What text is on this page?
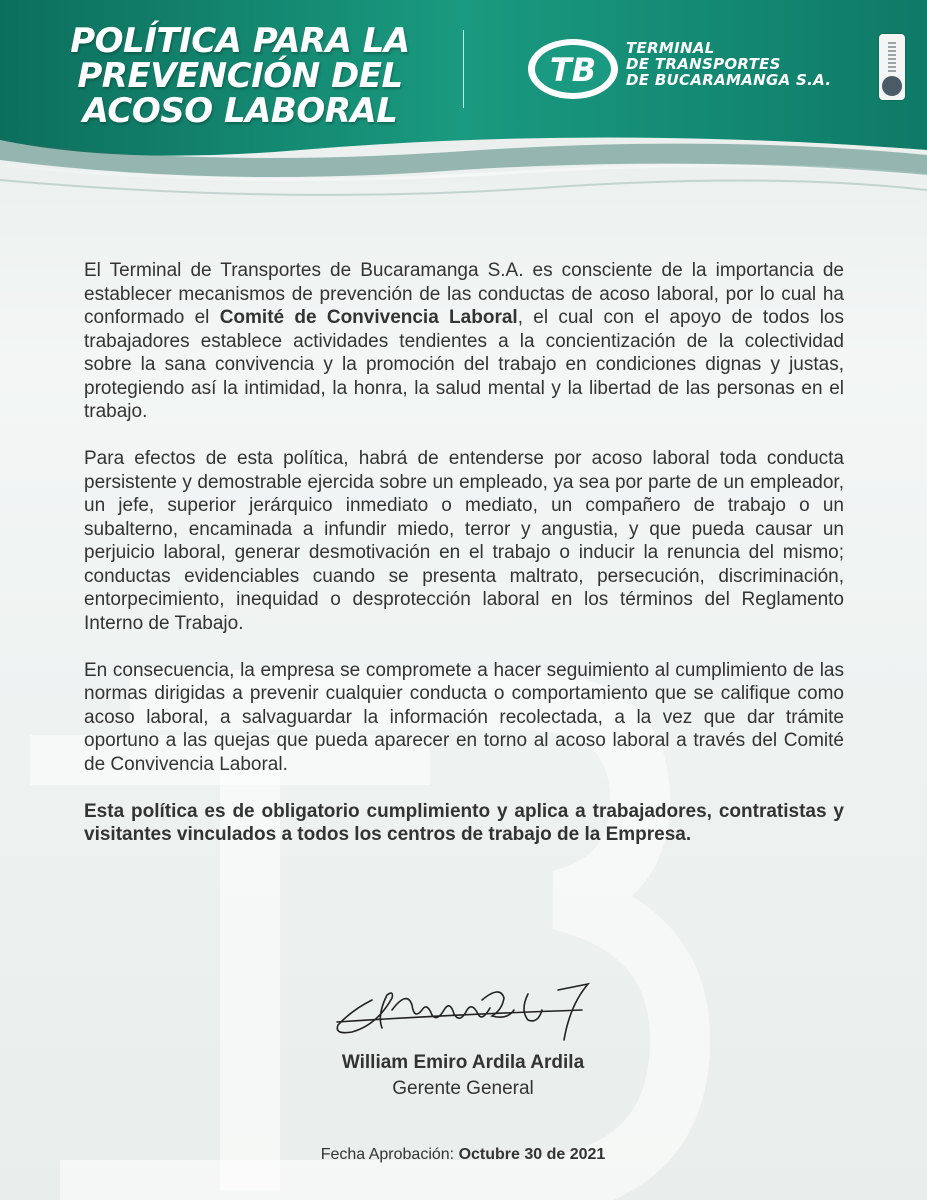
POLÍTICA PARA LA
PREVENCIÓN DEL
ACOSO LABORAL
TB
TERMINAL
DE TRANSPORTES
DE BUCARAMANGA S.A.

El Terminal de Transportes de Bucaramanga S.A. es consciente de la importancia de establecer mecanismos de prevención de las conductas de acoso laboral, por lo cual ha conformado el Comité de Convivencia Laboral, el cual con el apoyo de todos los trabajadores establece actividades tendientes a la concientización de la colectividad sobre la sana convivencia y la promoción del trabajo en condiciones dignas y justas, protegiendo así la intimidad, la honra, la salud mental y la libertad de las personas en el trabajo.

Para efectos de esta política, habrá de entenderse por acoso laboral toda conducta persistente y demostrable ejercida sobre un empleado, ya sea por parte de un empleador, un jefe, superior jerárquico inmediato o mediato, un compañero de trabajo o un subalterno, encaminada a infundir miedo, terror y angustia, y que pueda causar un perjuicio laboral, generar desmotivación en el trabajo o inducir la renuncia del mismo; conductas evidenciables cuando se presenta maltrato, persecución, discriminación, entorpecimiento, inequidad o desprotección laboral en los términos del Reglamento Interno de Trabajo.

En consecuencia, la empresa se compromete a hacer seguimiento al cumplimiento de las normas dirigidas a prevenir cualquier conducta o comportamiento que se califique como acoso laboral, a salvaguardar la información recolectada, a la vez que dar trámite oportuno a las quejas que pueda aparecer en torno al acoso laboral a través del Comité de Convivencia Laboral.

Esta política es de obligatorio cumplimiento y aplica a trabajadores, contratistas y visitantes vinculados a todos los centros de trabajo de la Empresa.

William Emiro Ardila Ardila
Gerente General
Fecha Aprobación: Octubre 30 de 2021
